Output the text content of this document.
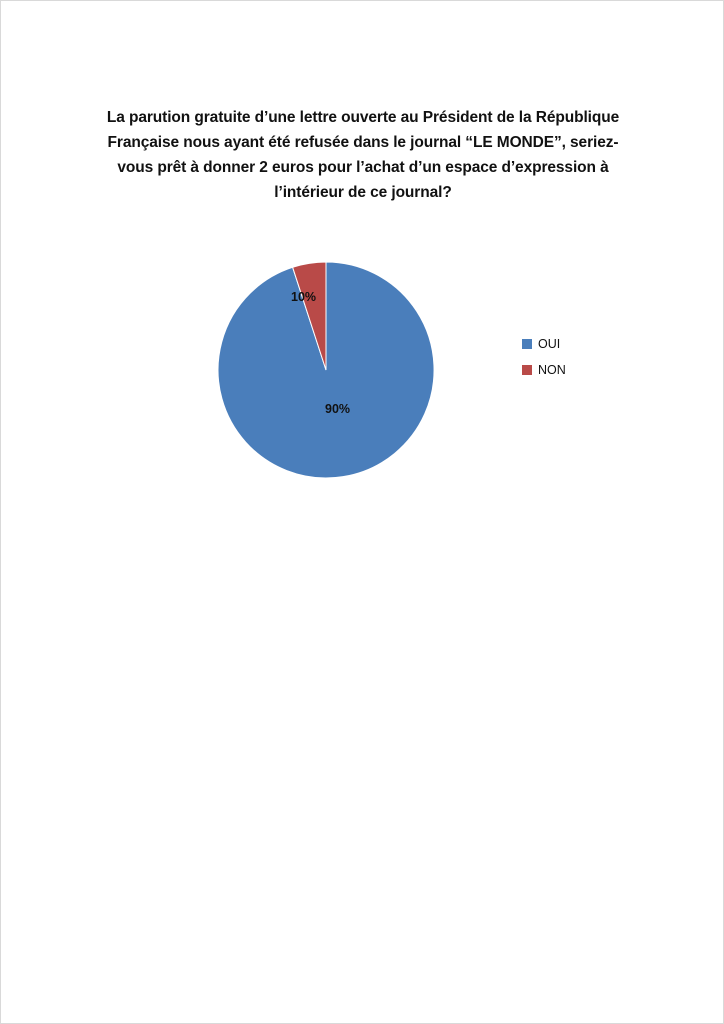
La parution gratuite d’une lettre ouverte au Président de la République Française nous ayant été refusée dans le journal “LE MONDE”, seriez-vous prêt à donner 2 euros pour l’achat d’un espace d’expression à l’intérieur de ce journal?
10%
90%
OUI
NON
